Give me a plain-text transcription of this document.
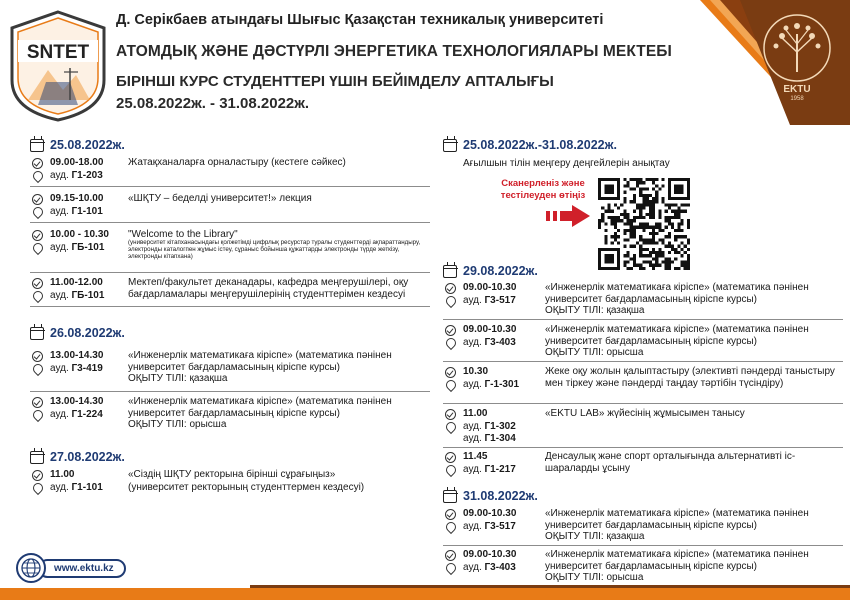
SNTET
Д. Серікбаев атындағы Шығыс Қазақстан техникалық университеті
АТОМДЫҚ ЖӘНЕ ДӘСТҮРЛІ ЭНЕРГЕТИКА ТЕХНОЛОГИЯЛАРЫ МЕКТЕБІ
БІРІНШІ КУРС СТУДЕНТТЕРІ ҮШІН БЕЙІМДЕЛУ АПТАЛЫҒЫ
25.08.2022ж. - 31.08.2022ж.
EKTU
1958
25.08.2022ж.
09.00-18.00
ауд. Г1-203
Жатақханаларға орналастыру (кестеге сәйкес)
09.15-10.00
ауд. Г1-101
«ШҚТУ – беделді университет!» лекция
10.00 - 10.30
ауд. ГБ-101
"Welcome to the Library"
(университет кітапханасындағы қолжетімді цифрлық ресурстар туралы студенттерді ақпараттандыру, электронды каталогпен жұмыс істеу, сұраныс бойынша құжаттарды электронды түрде жеткізу, электронды кітапхана)
11.00-12.00
ауд. ГБ-101
Мектеп/факультет деканадары, кафедра меңгерушілері, оқу бағдарламалары меңгерушілерінің студенттерімен кездесуі
26.08.2022ж.
13.00-14.30
ауд. Г3-419
«Инженерлік математикаға кіріспе» (математика пәнінен университет бағдарламасының кіріспе курсы)
ОҚЫТУ ТІЛІ: қазақша
13.00-14.30
ауд. Г1-224
«Инженерлік математикаға кіріспе» (математика пәнінен университет бағдарламасының кіріспе курсы)
ОҚЫТУ ТІЛІ: орысша
27.08.2022ж.
11.00
ауд. Г1-101
«Сіздің ШҚТУ ректорына бірінші сұрағыңыз»
(университет ректорының студенттермен кездесуі)
www.ektu.kz
25.08.2022ж.-31.08.2022ж.
Ағылшын тілін меңгеру деңгейлерін анықтау
Сканерленіз және тестілеуден өтіңіз
29.08.2022ж.
09.00-10.30
ауд. Г3-517
«Инженерлік математикаға кіріспе» (математика пәнінен университет бағдарламасының кіріспе курсы)
ОҚЫТУ ТІЛІ: қазақша
09.00-10.30
ауд. Г3-403
«Инженерлік математикаға кіріспе» (математика пәнінен университет бағдарламасының кіріспе курсы)
ОҚЫТУ ТІЛІ: орысша
10.30
ауд. Г-1-301
Жеке оқу жолын қалыптастыру (элективті пәндерді таныстыру мен тіркеу және пәндерді таңдау тәртібін түсіндіру)
11.00
ауд. Г1-302
ауд. Г1-304
«EKTU LAB» жүйесінің жұмысымен танысу
11.45
ауд. Г1-217
Денсаулық және спорт орталығында альтернативті іс-шараларды ұсыну
31.08.2022ж.
09.00-10.30
ауд. Г3-517
«Инженерлік математикаға кіріспе» (математика пәнінен университет бағдарламасының кіріспе курсы)
ОҚЫТУ ТІЛІ: қазақша
09.00-10.30
ауд. Г3-403
«Инженерлік математикаға кіріспе» (математика пәнінен университет бағдарламасының кіріспе курсы)
ОҚЫТУ ТІЛІ: орысша
